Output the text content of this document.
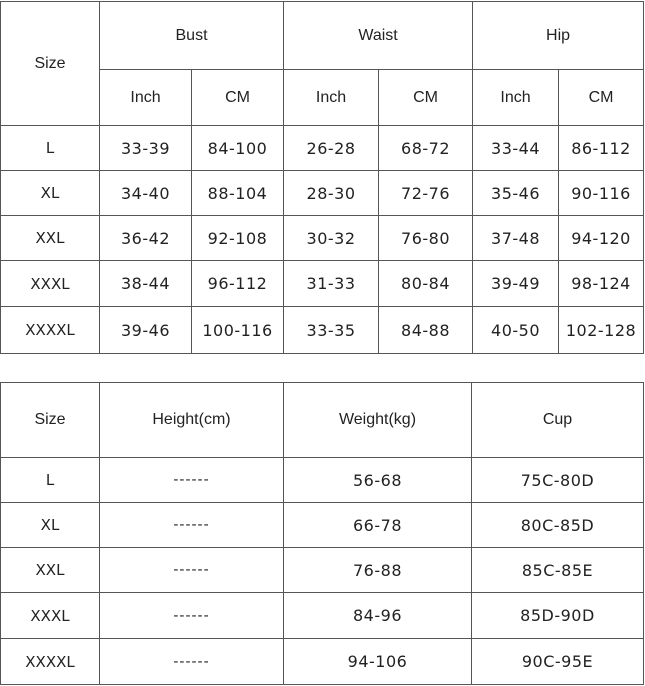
Size	Bust		Waist		Hip	
	Inch	CM	Inch	CM	Inch	CM
L	33-39	84-100	26-28	68-72	33-44	86-112
XL	34-40	88-104	28-30	72-76	35-46	90-116
XXL	36-42	92-108	30-32	76-80	37-48	94-120
XXXL	38-44	96-112	31-33	80-84	39-49	98-124
XXXXL	39-46	100-116	33-35	84-88	40-50	102-128
Size	Height(cm)	Weight(kg)	Cup
L	------	56-68	75C-80D
XL	------	66-78	80C-85D
XXL	------	76-88	85C-85E
XXXL	------	84-96	85D-90D
XXXXL	------	94-106	90C-95E
